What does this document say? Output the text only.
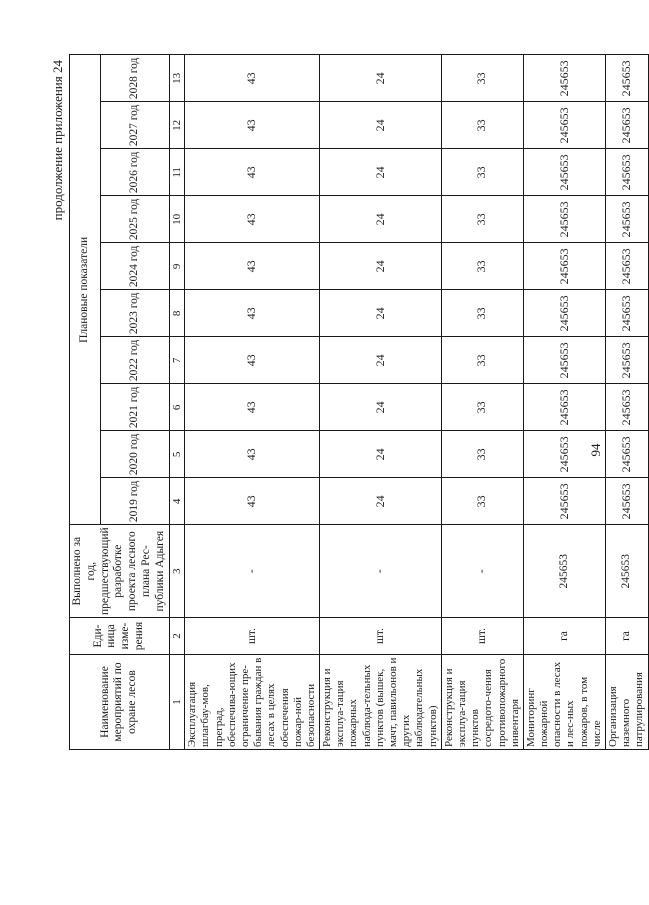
продолжение приложения 24
Наименование мероприятий по охране лесов	Еди-ница изме-рения	Выполнено за год, предшествующий разработке проекта лесного плана Рес-публики Адыгея	Плановые показатели									
			2019 год	2020 год	2021 год	2022 год	2023 год	2024 год	2025 год	2026 год	2027 год	2028 год
1	2	3	4	5	6	7	8	9	10	11	12	13
Эксплуатация шлагбау-мов, преград, обеспечива-ющих ограничение пре-бывания граждан в лесах в целях обеспечения пожар-ной безопасности	шт.	-	43	43	43	43	43	43	43	43	43	43
Реконструкция и эксплуа-тация пожарных наблюда-тельных пунктов (вышек, мачт, павильонов и других наблюдательных пунктов)	шт.	-	24	24	24	24	24	24	24	24	24	24
Реконструкция и эксплуа-тация пунктов сосредото-чения противопожарного инвентаря	шт.	-	33	33	33	33	33	33	33	33	33	33
Мониторинг пожарной опасности в лесах и лес-ных пожаров, в том числе	га	245653	245653	245653	245653	245653	245653	245653	245653	245653	245653	245653
Организация наземного патрулирования	га	245653	245653	245653	245653	245653	245653	245653	245653	245653	245653	245653
94
